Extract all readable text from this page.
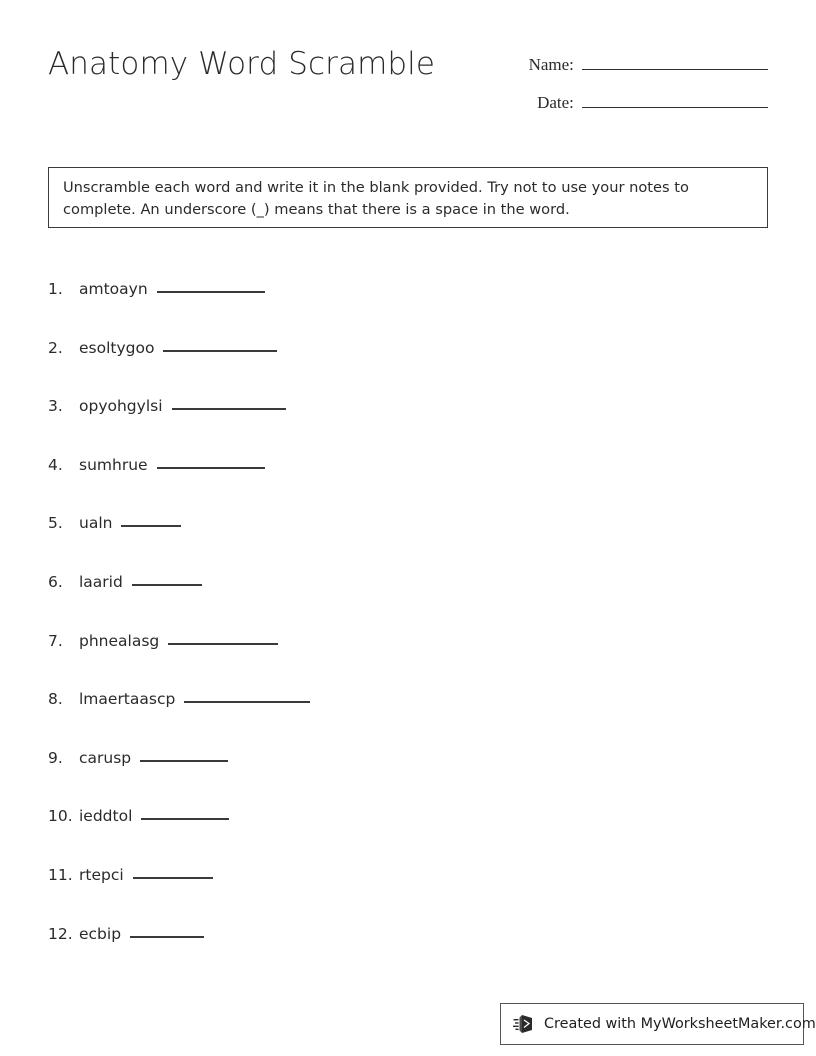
Anatomy Word Scramble	Name:
Date:
Unscramble each word and write it in the blank provided. Try not to use your notes to complete. An underscore (_) means that there is a space in the word.
1.	amtoayn
2.	esoltygoo
3.	opyohgylsi
4.	sumhrue
5.	ualn
6.	laarid
7.	phnealasg
8.	lmaertaascp
9.	carusp
10. ieddtol
11. rtepci
12. ecbip
Created with MyWorksheetMaker.com
